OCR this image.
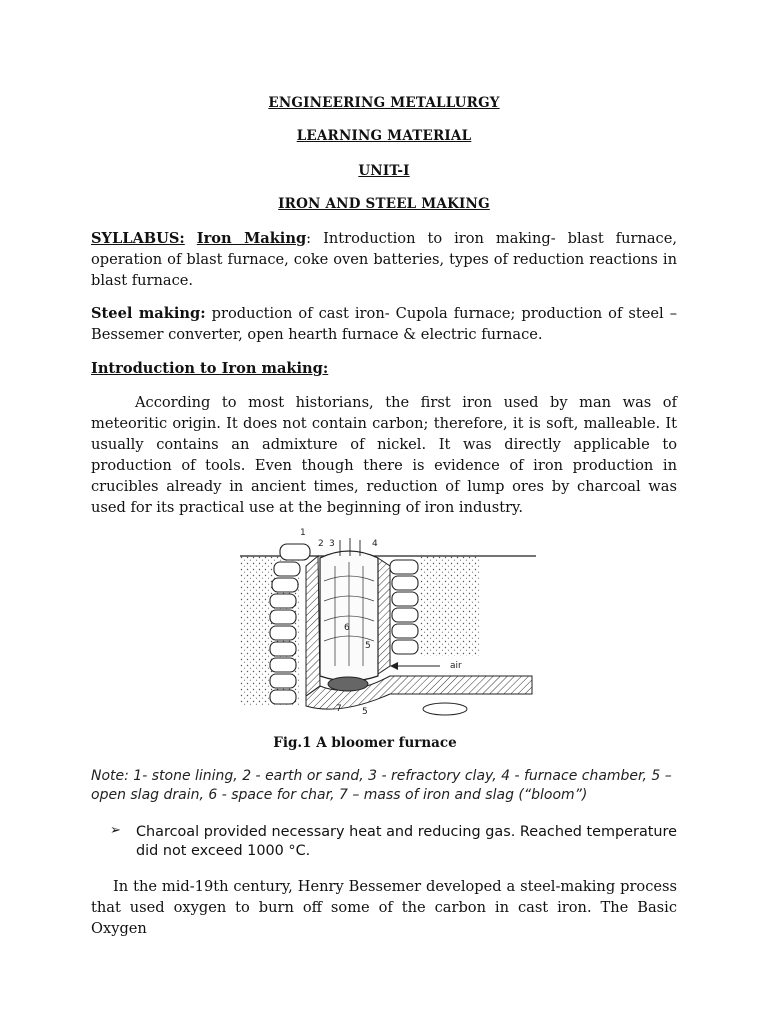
ENGINEERING METALLURGY
LEARNING MATERIAL
UNIT-I
IRON AND STEEL MAKING
SYLLABUS: Iron Making: Introduction to iron making- blast furnace, operation of blast furnace, coke oven batteries, types of reduction reactions in blast furnace.
Steel making: production of cast iron- Cupola furnace; production of steel – Bessemer converter, open hearth furnace & electric furnace.
Introduction to Iron making:
According to most historians, the first iron used by man was of meteoritic origin. It does not contain carbon; therefore, it is soft, malleable. It usually contains an admixture of nickel. It was directly applicable to production of tools. Even though there is evidence of iron production in crucibles already in ancient times, reduction of lump ores by charcoal was used for its practical use at the beginning of iron industry.
1
2 3	4
5
6
7 5
air
Fig.1 A bloomer furnace
Note: 1- stone lining, 2 - earth or sand, 3 - refractory clay, 4 - furnace chamber, 5 – open slag drain, 6 - space for char, 7 – mass of iron and slag (“bloom”)
➢ Charcoal provided necessary heat and reducing gas. Reached temperature did not exceed 1000 °C.
In the mid-19th century, Henry Bessemer developed a steel-making process that used oxygen to burn off some of the carbon in cast iron. The Basic Oxygen
